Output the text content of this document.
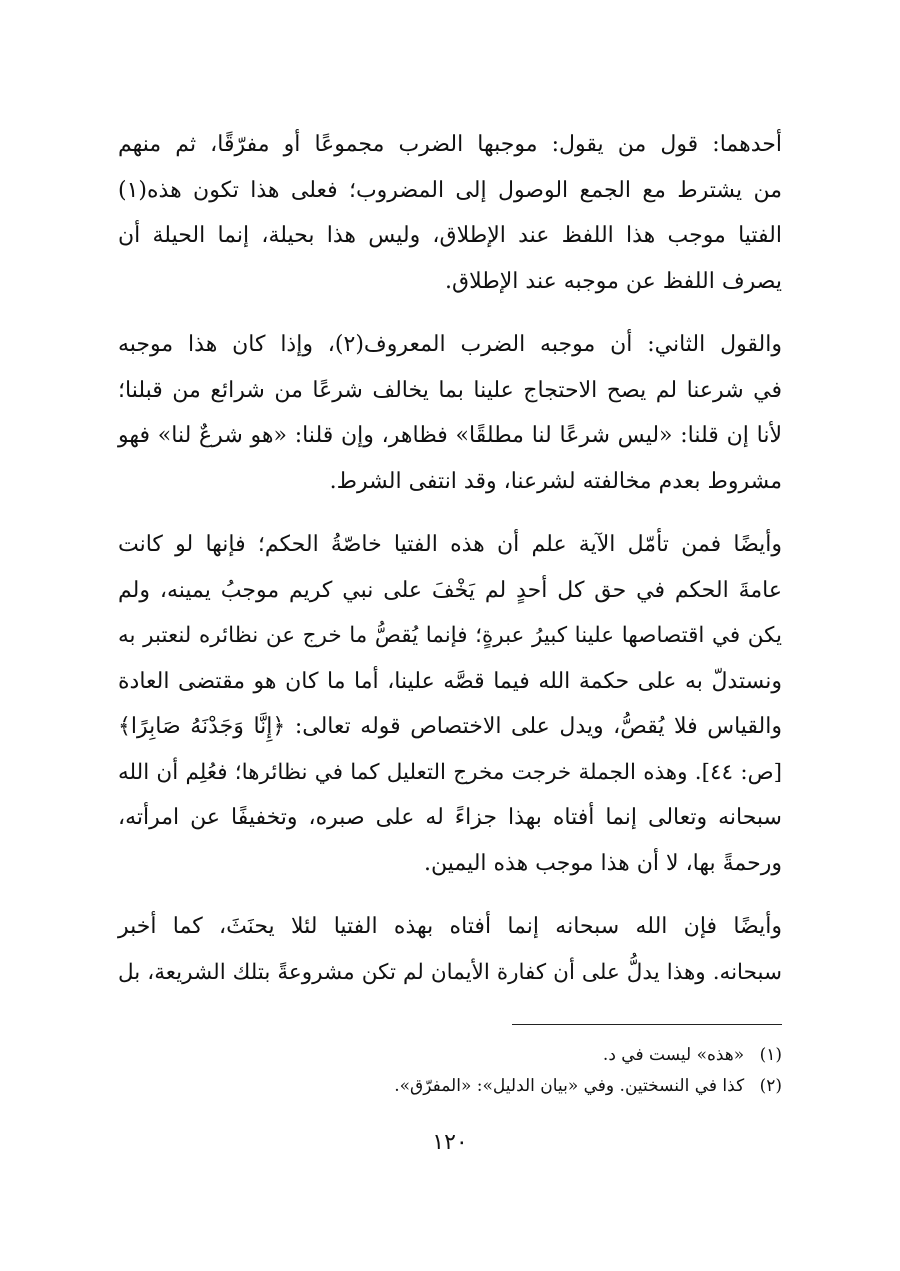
أحدهما: قول من يقول: موجبها الضرب مجموعًا أو مفرّقًا، ثم منهم
من يشترط مع الجمع الوصول إلى المضروب؛ فعلى هذا تكون هذه(١)
الفتيا موجب هذا اللفظ عند الإطلاق، وليس هذا بحيلة، إنما الحيلة أن
يصرف اللفظ عن موجبه عند الإطلاق.

والقول الثاني: أن موجبه الضرب المعروف(٢)، وإذا كان هذا موجبه
في شرعنا لم يصح الاحتجاج علينا بما يخالف شرعًا من شرائع من قبلنا؛
لأنا إن قلنا: «ليس شرعًا لنا مطلقًا» فظاهر، وإن قلنا: «هو شرعٌ لنا» فهو
مشروط بعدم مخالفته لشرعنا، وقد انتفى الشرط.

وأيضًا فمن تأمّل الآية علم أن هذه الفتيا خاصّةُ الحكم؛ فإنها لو كانت
عامةَ الحكم في حق كل أحدٍ لم يَخْفَ على نبي كريم موجبُ يمينه، ولم
يكن في اقتصاصها علينا كبيرُ عبرةٍ؛ فإنما يُقصُّ ما خرج عن نظائره لنعتبر به
ونستدلّ به على حكمة الله فيما قصَّه علينا، أما ما كان هو مقتضى العادة
والقياس فلا يُقصُّ، ويدل على الاختصاص قوله تعالى: ﴿إِنَّا وَجَدْنَهُ صَابِرًا﴾
[ص: ٤٤]. وهذه الجملة خرجت مخرج التعليل كما في نظائرها؛ فعُلِم أن الله
سبحانه وتعالى إنما أفتاه بهذا جزاءً له على صبره، وتخفيفًا عن امرأته،
ورحمةً بها، لا أن هذا موجب هذه اليمين.

وأيضًا فإن الله سبحانه إنما أفتاه بهذه الفتيا لئلا يحنَثَ، كما أخبر
سبحانه. وهذا يدلُّ على أن كفارة الأيمان لم تكن مشروعةً بتلك الشريعة، بل

(١) «هذه» ليست في د.
(٢) كذا في النسختين. وفي «بيان الدليل»: «المفرّق».
١٢٠
